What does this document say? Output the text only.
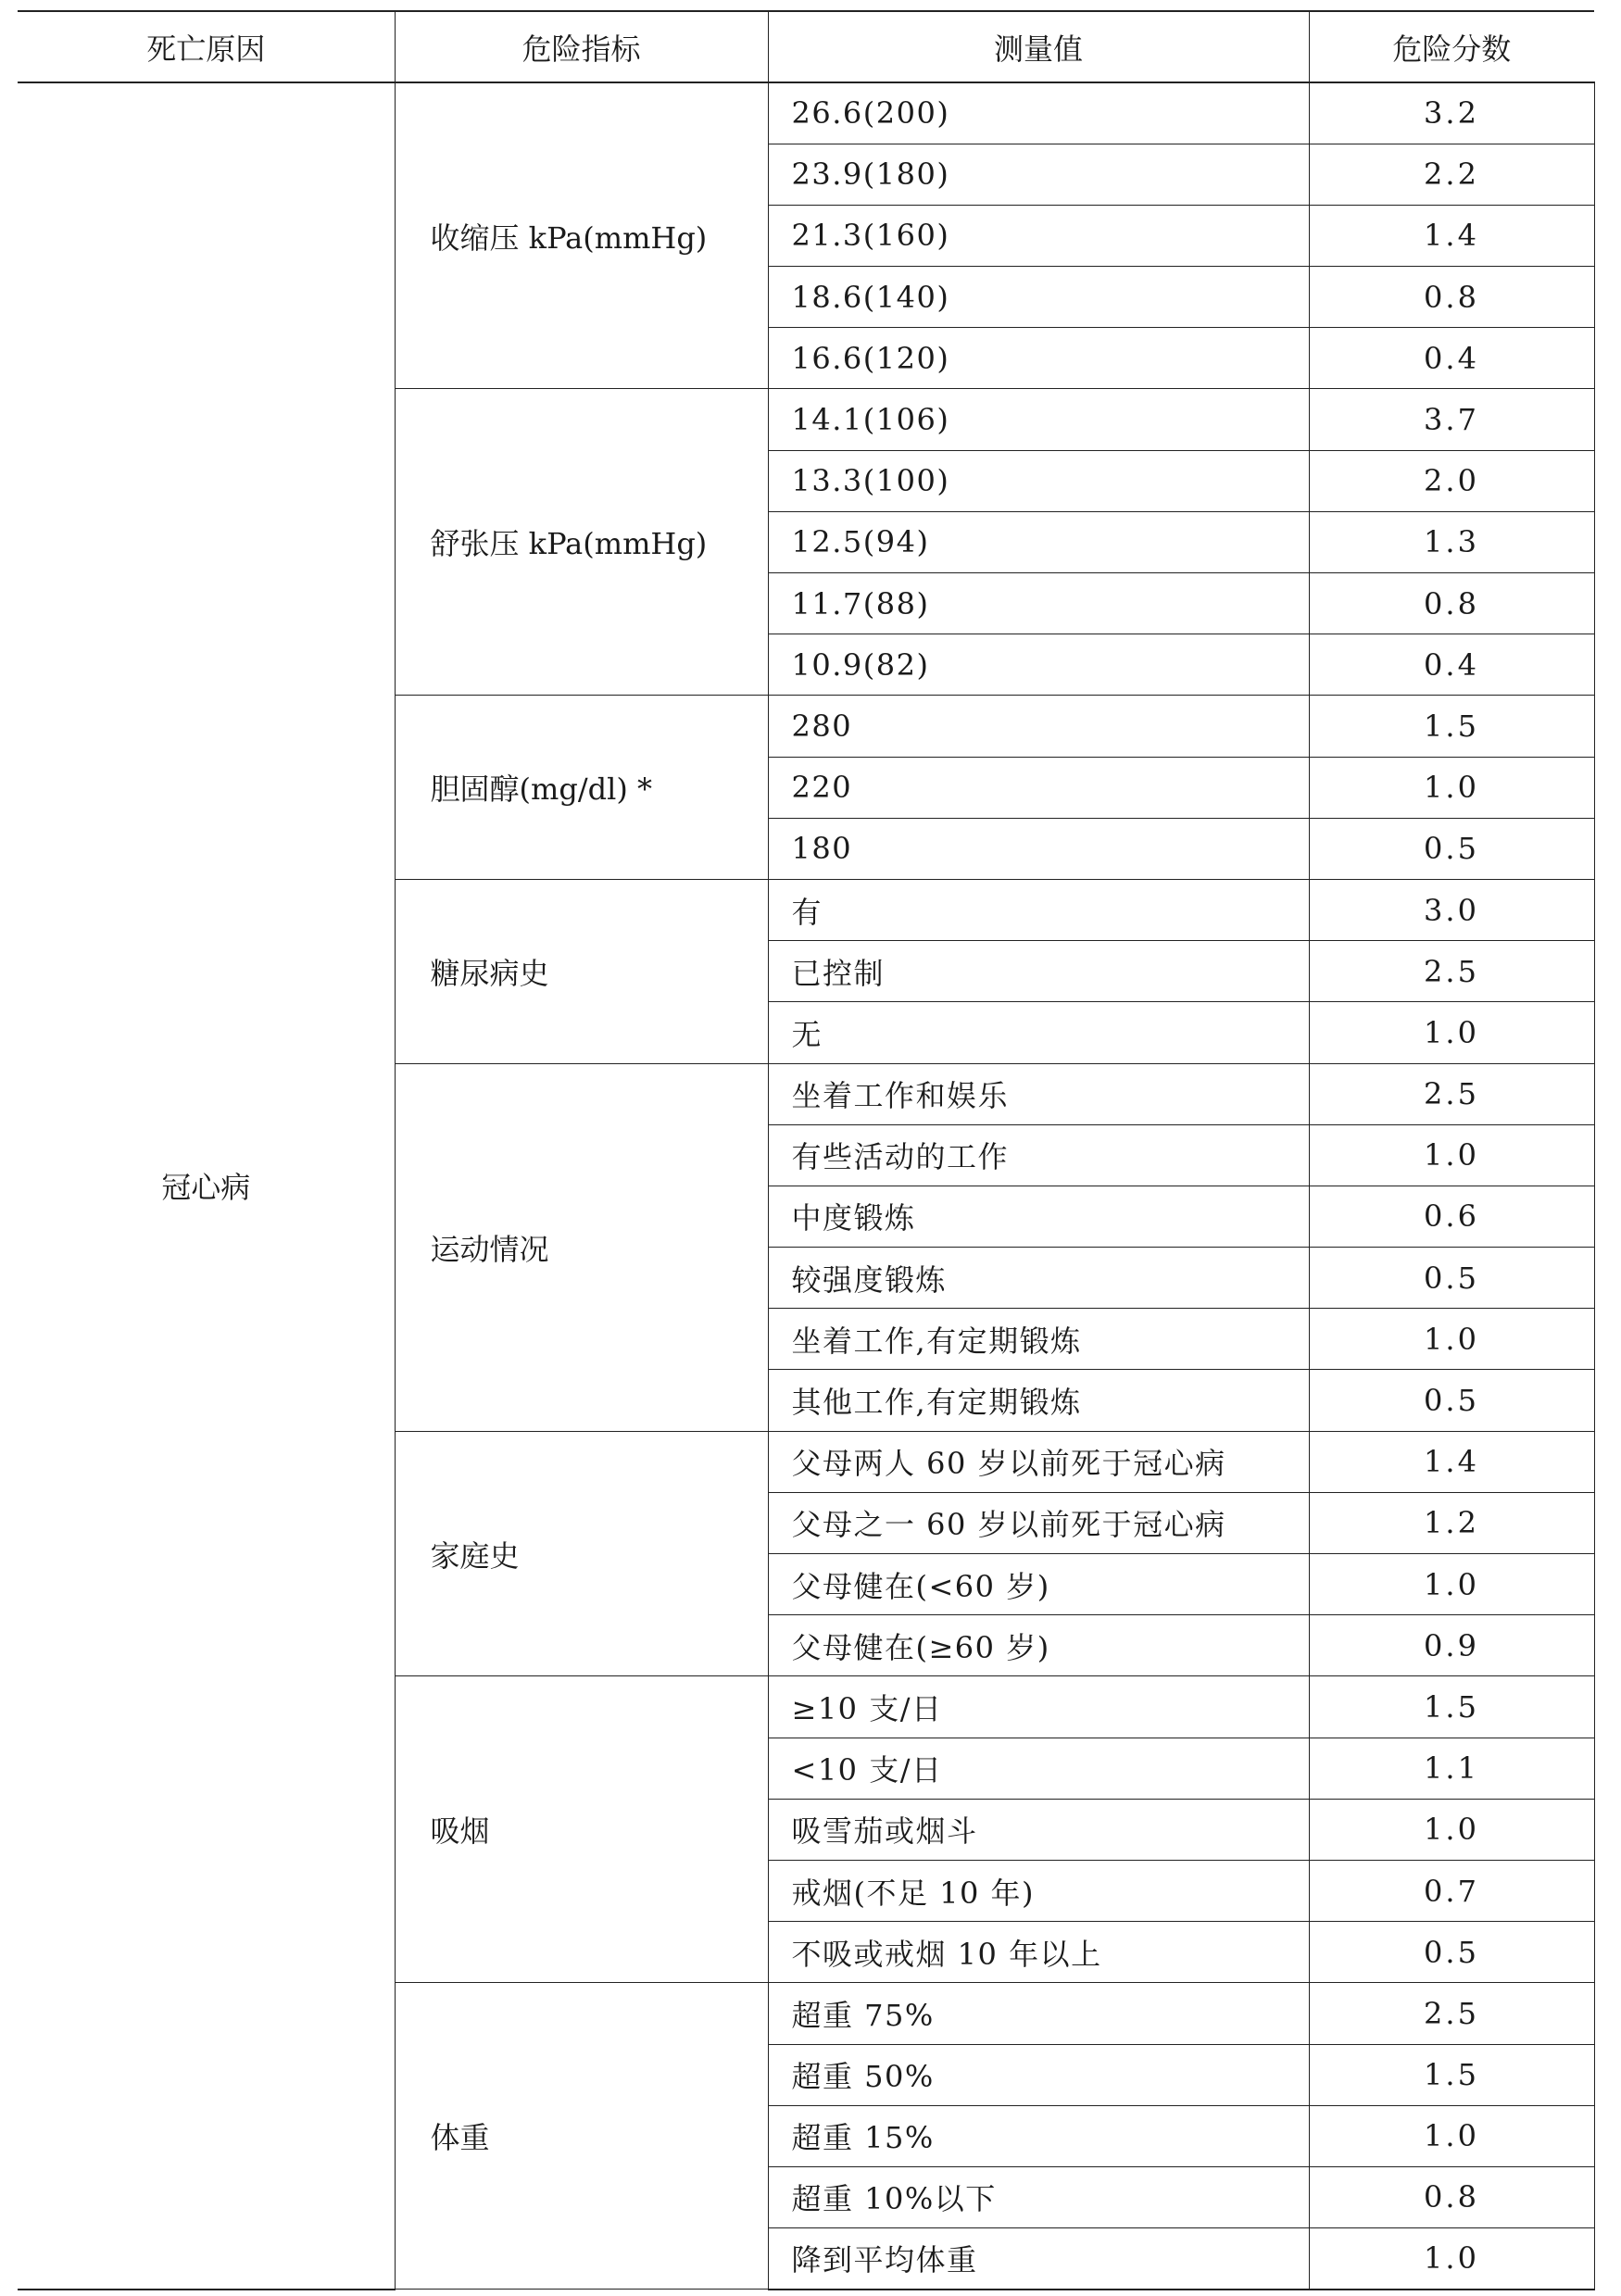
死亡原因	危险指标	测量值	危险分数
冠心病	收缩压 kPa(mmHg)	26.6(200)	3.2
		23.9(180)	2.2
		21.3(160)	1.4
		18.6(140)	0.8
		16.6(120)	0.4
	舒张压 kPa(mmHg)	14.1(106)	3.7
		13.3(100)	2.0
		12.5(94)	1.3
		11.7(88)	0.8
		10.9(82)	0.4
	胆固醇(mg/dl) *	280	1.5
		220	1.0
		180	0.5
	糖尿病史	有	3.0
		已控制	2.5
		无	1.0
	运动情况	坐着工作和娱乐	2.5
		有些活动的工作	1.0
		中度锻炼	0.6
		较强度锻炼	0.5
		坐着工作,有定期锻炼	1.0
		其他工作,有定期锻炼	0.5
	家庭史	父母两人 60 岁以前死于冠心病	1.4
		父母之一 60 岁以前死于冠心病	1.2
		父母健在(<60 岁)	1.0
		父母健在(≥60 岁)	0.9
	吸烟	≥10 支/日	1.5
		<10 支/日	1.1
		吸雪茄或烟斗	1.0
		戒烟(不足 10 年)	0.7
		不吸或戒烟 10 年以上	0.5
	体重	超重 75%	2.5
		超重 50%	1.5
		超重 15%	1.0
		超重 10%以下	0.8
		降到平均体重	1.0
